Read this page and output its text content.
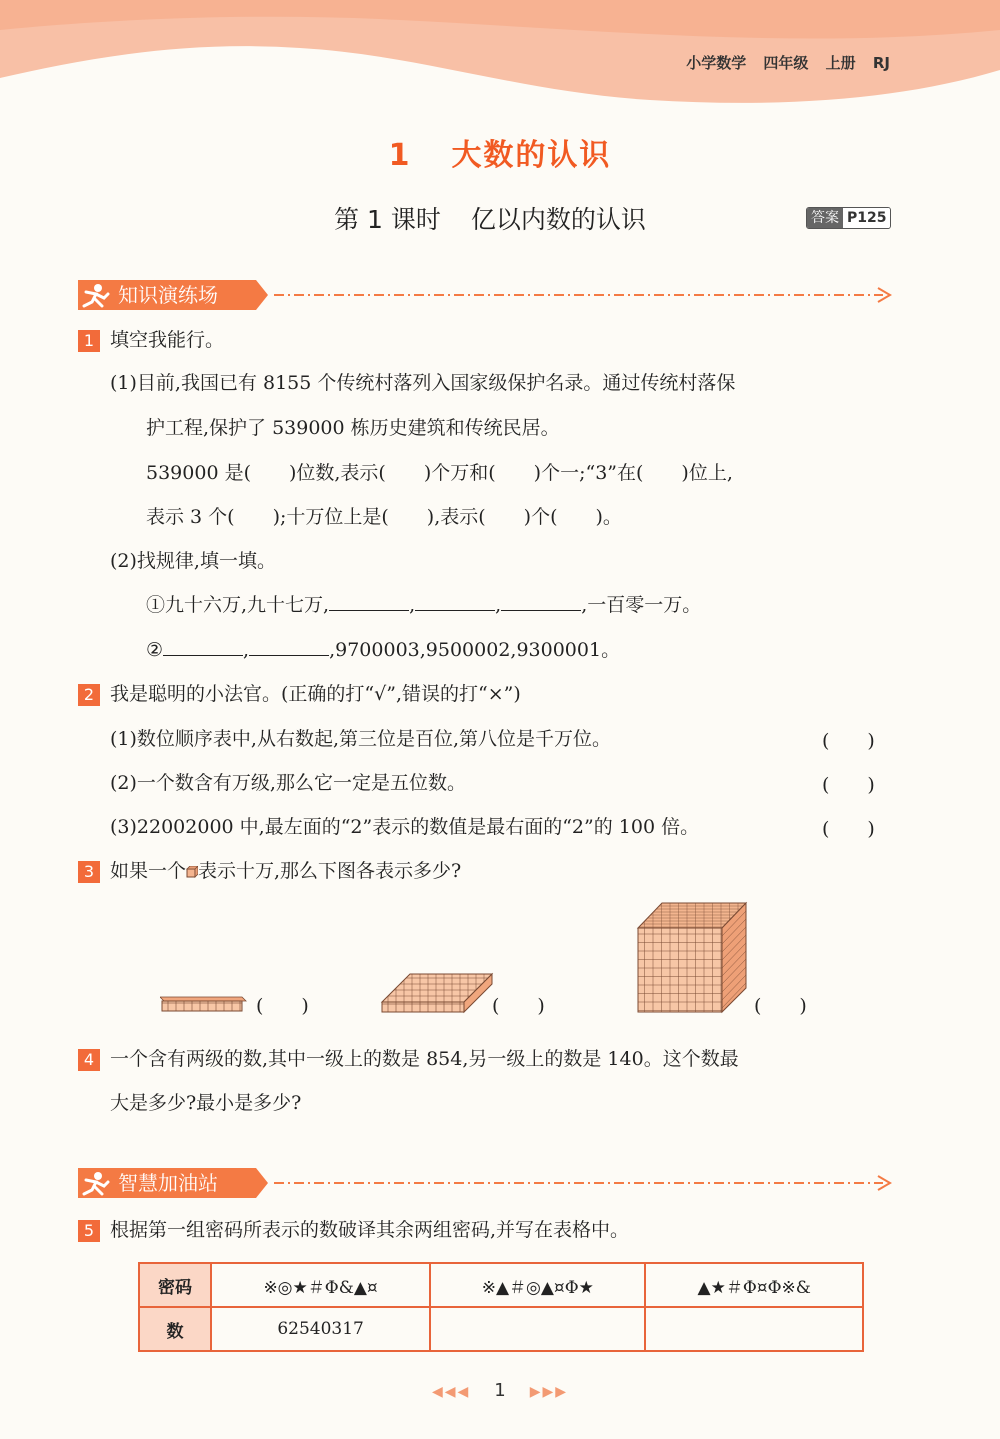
小学数学 四年级 上册 RJ
1 大数的认识
第 1 课时 亿以内数的认识	答案 P125
知识演练场
1 填空我能行。
(1)目前,我国已有 8155 个传统村落列入国家级保护名录。通过传统村落保
护工程,保护了 539000 栋历史建筑和传统民居。
539000 是(　　)位数,表示(　　)个万和(　　)个一;“3”在(　　)位上,
表示 3 个(　　);十万位上是(　　),表示(　　)个(　　)。
(2)找规律,填一填。
①九十六万,九十七万,	,	,	,一百零一万。
②	,	,9700003,9500002,9300001。
2 我是聪明的小法官。(正确的打“√”,错误的打“×”)
(1)数位顺序表中,从右数起,第三位是百位,第八位是千万位。	(　　)
(2)一个数含有万级,那么它一定是五位数。	(　　)
(3)22002000 中,最左面的“2”表示的数值是最右面的“2”的 100 倍。	(　　)
3 如果一个 表示十万,那么下图各表示多少?
(　　)	(　　)	(　　)
4 一个含有两级的数,其中一级上的数是 854,另一级上的数是 140。这个数最
大是多少?最小是多少?
智慧加油站
5 根据第一组密码所表示的数破译其余两组密码,并写在表格中。
密码	※◎★＃Φ&▲¤	※▲＃◎▲¤Φ★	▲★＃Φ¤Φ※&
数	62540317		
◀◀◀ 1 ▶▶▶
